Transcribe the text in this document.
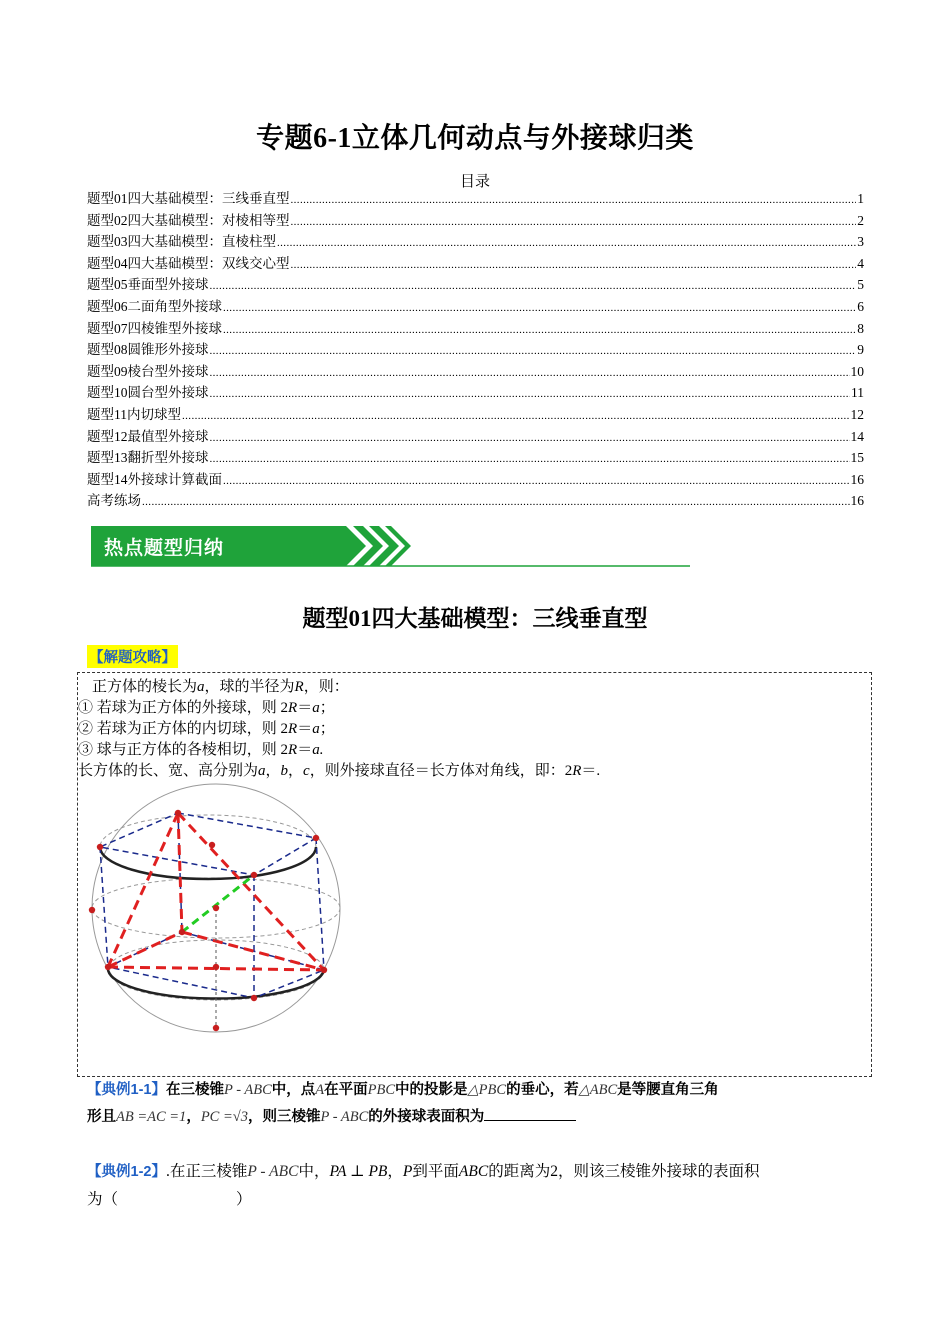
专题6-1立体几何动点与外接球归类
目录
题型01四大基础模型：三线垂直型 .....	1
题型02四大基础模型：对棱相等型 .....	2
题型03四大基础模型：直棱柱型 .....	3
题型04四大基础模型：双线交心型 .....	4
题型05垂面型外接球 .....	5
题型06二面角型外接球 .....	6
题型07四棱锥型外接球 .....	8
题型08圆锥形外接球 .....	9
题型09棱台型外接球 .....	10
题型10圆台型外接球 .....	11
题型11内切球型 .....	12
题型12最值型外接球 .....	14
题型13翻折型外接球 .....	15
题型14外接球计算截面 .....	16
高考练场 .....	16
热点题型归纳
题型01四大基础模型：三线垂直型
【解题攻略】
正方体的棱长为a，球的半径为R，则：
① 若球为正方体的外接球，则 2R＝a；
② 若球为正方体的内切球，则 2R＝a；
③ 球与正方体的各棱相切，则 2R＝a.
长方体的长、宽、高分别为a，b，c，则外接球直径＝长方体对角线，即：2R＝.
【典例1-1】在三棱锥P - ABC中，点A在平面PBC中的投影是△PBC的垂心，若△ABC是等腰直角三角
形且AB =AC =1，PC =√3，则三棱锥P - ABC的外接球表面积为
【典例1-2】.在正三棱锥P - ABC中，PA ⊥ PB，P到平面ABC的距离为2，则该三棱锥外接球的表面积
为（	）
